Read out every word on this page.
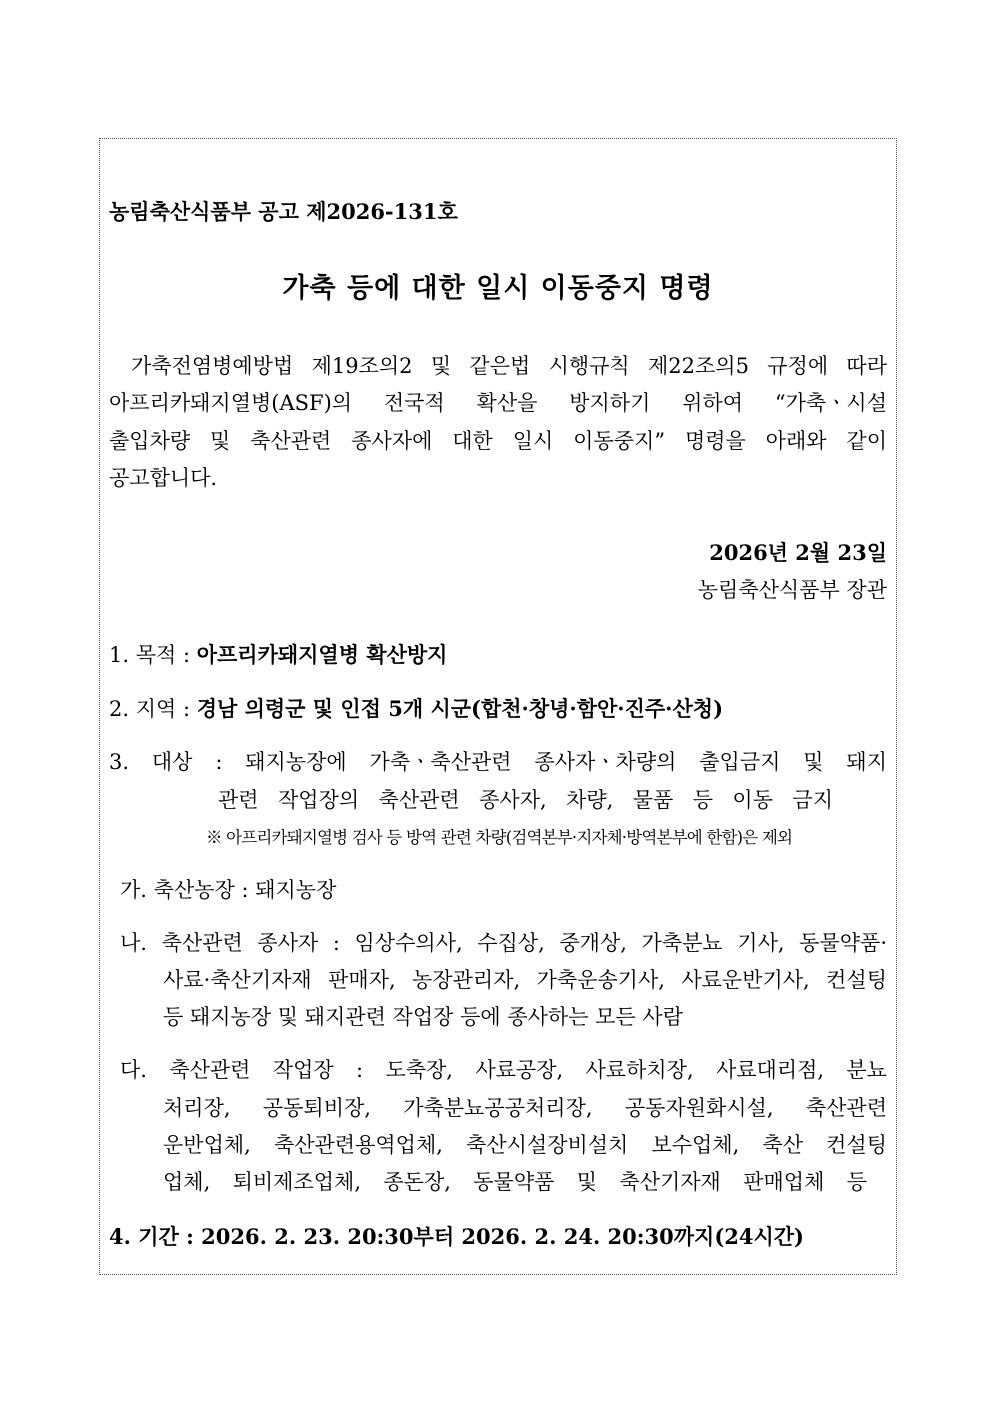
농림축산식품부 공고 제2026-131호
가축 등에 대한 일시 이동중지 명령
가축전염병예방법 제19조의2 및 같은법 시행규칙 제22조의5 규정에 따라
아프리카돼지열병(ASF)의 전국적 확산을 방지하기 위하여 “가축ㆍ시설
출입차량 및 축산관련 종사자에 대한 일시 이동중지” 명령을 아래와 같이
공고합니다.
2026년 2월 23일
농림축산식품부 장관
1. 목적 : 아프리카돼지열병 확산방지
2. 지역 : 경남 의령군 및 인접 5개 시군(합천·창녕·함안·진주·산청)
3. 대상 : 돼지농장에 가축ㆍ축산관련 종사자ㆍ차량의 출입금지 및 돼지
관련 작업장의 축산관련 종사자, 차량, 물품 등 이동 금지
※ 아프리카돼지열병 검사 등 방역 관련 차량(검역본부·지자체·방역본부에 한함)은 제외
가. 축산농장 : 돼지농장
나. 축산관련 종사자 : 임상수의사, 수집상, 중개상, 가축분뇨 기사, 동물약품·
사료·축산기자재 판매자, 농장관리자, 가축운송기사, 사료운반기사, 컨설팅
등 돼지농장 및 돼지관련 작업장 등에 종사하는 모든 사람
다. 축산관련 작업장 : 도축장, 사료공장, 사료하치장, 사료대리점, 분뇨
처리장, 공동퇴비장, 가축분뇨공공처리장, 공동자원화시설, 축산관련
운반업체, 축산관련용역업체, 축산시설장비설치 보수업체, 축산 컨설팅
업체, 퇴비제조업체, 종돈장, 동물약품 및 축산기자재 판매업체 등
4. 기간 : 2026. 2. 23. 20:30부터 2026. 2. 24. 20:30까지(24시간)
